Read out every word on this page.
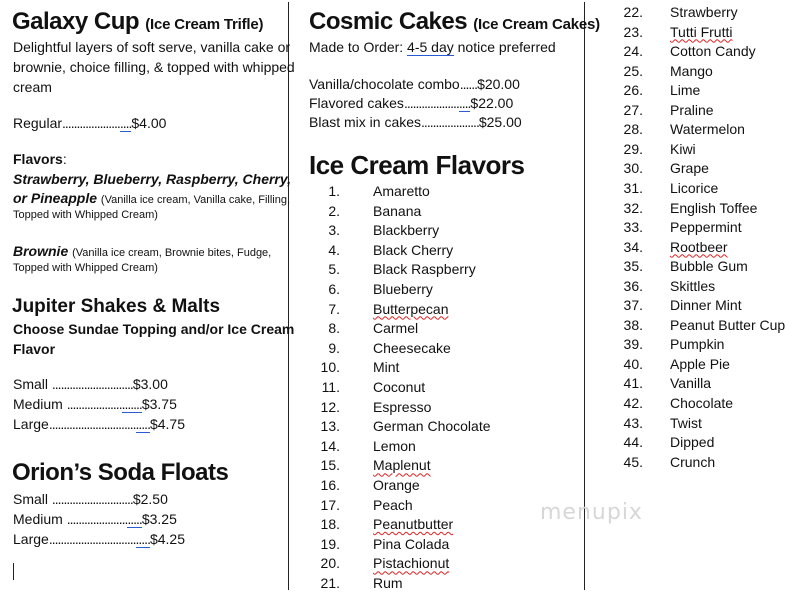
Galaxy Cup (Ice Cream Trifle)
Delightful layers of soft serve, vanilla cake or
brownie, choice filling, & topped with whipped
cream
Regular........................$4.00
Flavors:
Strawberry, Blueberry, Raspberry, Cherry,
or Pineapple (Vanilla ice cream, Vanilla cake, Filling,
Topped with Whipped Cream)
Brownie (Vanilla ice cream, Brownie bites, Fudge,
Topped with Whipped Cream)
Jupiter Shakes & Malts
Choose Sundae Topping and/or Ice Cream
Flavor
Small ............................$3.00
Medium ..........................$3.75
Large...................................$4.75
Orion’s Soda Floats
Small ............................$2.50
Medium ..........................$3.25
Large...................................$4.25
Cosmic Cakes (Ice Cream Cakes)
Made to Order: 4-5 day notice preferred
Vanilla/chocolate combo......$20.00
Flavored cakes.......................$22.00
Blast mix in cakes....................$25.00
Ice Cream Flavors
1. Amaretto
2. Banana
3. Blackberry
4. Black Cherry
5. Black Raspberry
6. Blueberry
7. Butterpecan
8. Carmel
9. Cheesecake
10. Mint
11. Coconut
12. Espresso
13. German Chocolate
14. Lemon
15. Maplenut
16. Orange
17. Peach
18. Peanutbutter
19. Pina Colada
20. Pistachionut
21. Rum
22. Strawberry
23. Tutti Frutti
24. Cotton Candy
25. Mango
26. Lime
27. Praline
28. Watermelon
29. Kiwi
30. Grape
31. Licorice
32. English Toffee
33. Peppermint
34. Rootbeer
35. Bubble Gum
36. Skittles
37. Dinner Mint
38. Peanut Butter Cup
39. Pumpkin
40. Apple Pie
41. Vanilla
42. Chocolate
43. Twist
44. Dipped
45. Crunch
menupix
